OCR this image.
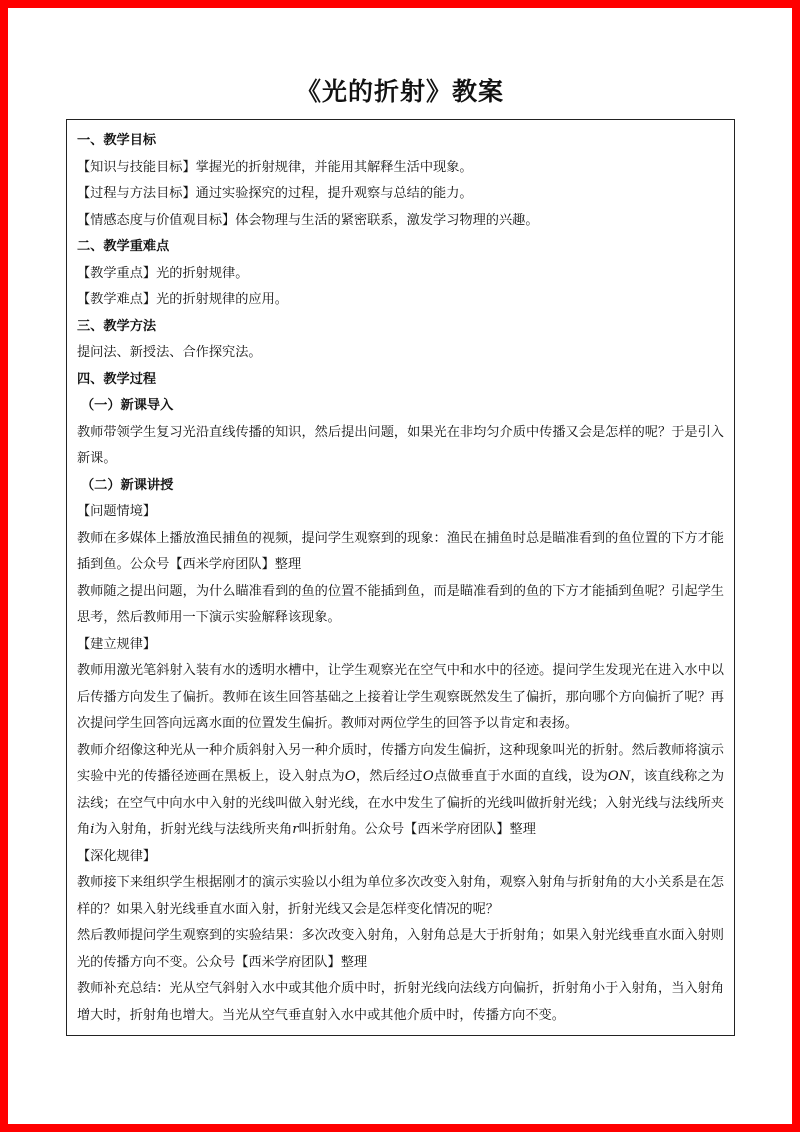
《光的折射》教案

一、教学目标

【知识与技能目标】掌握光的折射规律，并能用其解释生活中现象。

【过程与方法目标】通过实验探究的过程，提升观察与总结的能力。

【情感态度与价值观目标】体会物理与生活的紧密联系，激发学习物理的兴趣。

二、教学重难点

【教学重点】光的折射规律。

【教学难点】光的折射规律的应用。

三、教学方法

提问法、新授法、合作探究法。

四、教学过程

（一）新课导入

教师带领学生复习光沿直线传播的知识，然后提出问题，如果光在非均匀介质中传播又会是怎样的呢？于是引入新课。

（二）新课讲授

【问题情境】

教师在多媒体上播放渔民捕鱼的视频，提问学生观察到的现象：渔民在捕鱼时总是瞄准看到的鱼位置的下方才能插到鱼。公众号【西米学府团队】整理

教师随之提出问题，为什么瞄准看到的鱼的位置不能插到鱼，而是瞄准看到的鱼的下方才能插到鱼呢？引起学生思考，然后教师用一下演示实验解释该现象。

【建立规律】

教师用激光笔斜射入装有水的透明水槽中，让学生观察光在空气中和水中的径迹。提问学生发现光在进入水中以后传播方向发生了偏折。教师在该生回答基础之上接着让学生观察既然发生了偏折，那向哪个方向偏折了呢？再次提问学生回答向远离水面的位置发生偏折。教师对两位学生的回答予以肯定和表扬。

教师介绍像这种光从一种介质斜射入另一种介质时，传播方向发生偏折，这种现象叫光的折射。然后教师将演示实验中光的传播径迹画在黑板上，设入射点为O，然后经过O点做垂直于水面的直线，设为ON，该直线称之为法线；在空气中向水中入射的光线叫做入射光线，在水中发生了偏折的光线叫做折射光线；入射光线与法线所夹角i为入射角，折射光线与法线所夹角r叫折射角。公众号【西米学府团队】整理

【深化规律】

教师接下来组织学生根据刚才的演示实验以小组为单位多次改变入射角，观察入射角与折射角的大小关系是在怎样的？如果入射光线垂直水面入射，折射光线又会是怎样变化情况的呢？

然后教师提问学生观察到的实验结果：多次改变入射角，入射角总是大于折射角；如果入射光线垂直水面入射则光的传播方向不变。公众号【西米学府团队】整理

教师补充总结：光从空气斜射入水中或其他介质中时，折射光线向法线方向偏折，折射角小于入射角，当入射角增大时，折射角也增大。当光从空气垂直射入水中或其他介质中时，传播方向不变。
